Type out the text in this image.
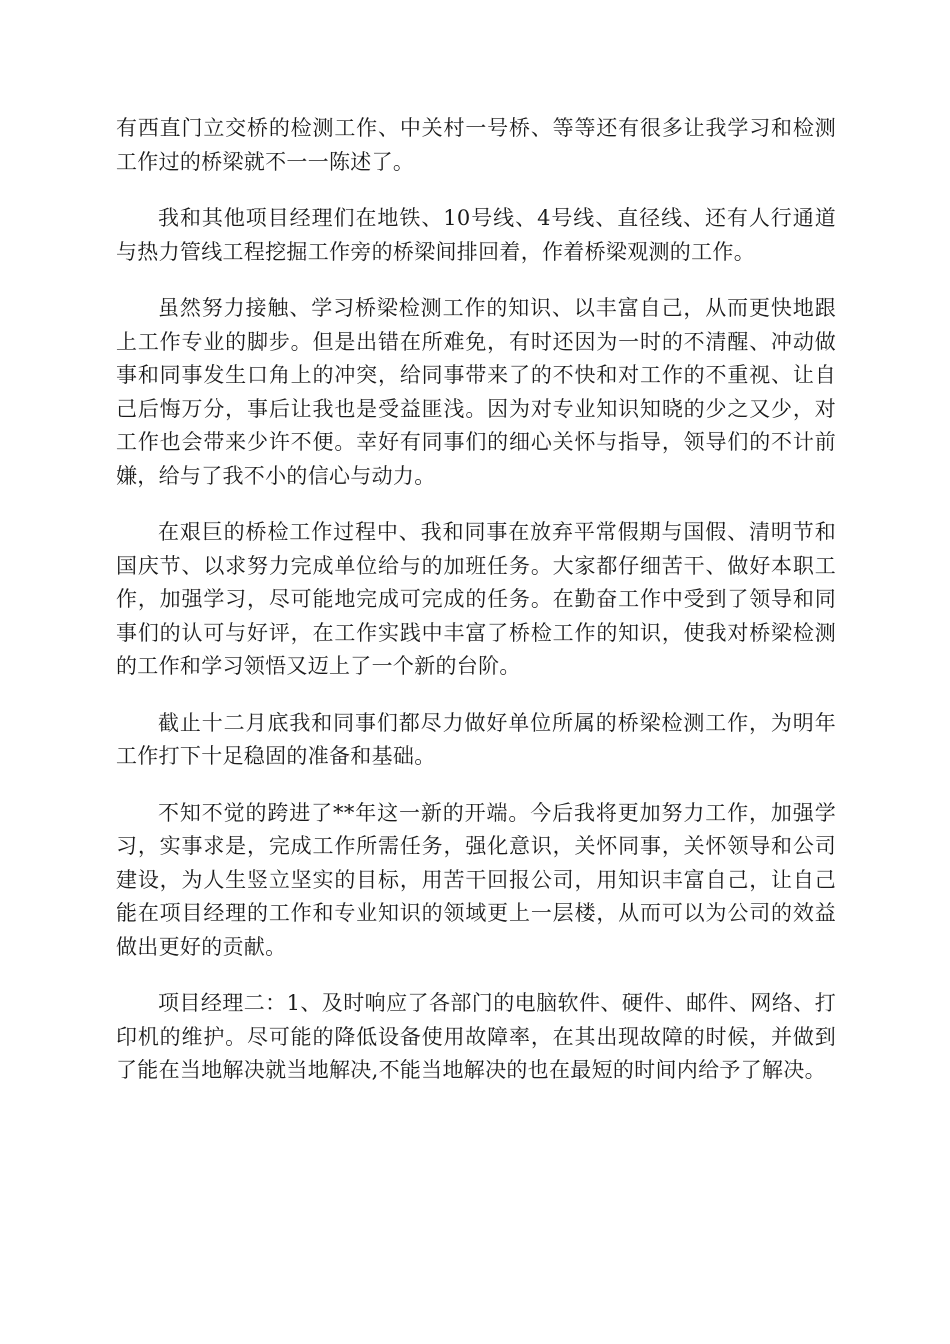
有西直门立交桥的检测工作、中关村一号桥、等等还有很多让我学习和检测工作过的桥梁就不一一陈述了。

我和其他项目经理们在地铁、10号线、4号线、直径线、还有人行通道与热力管线工程挖掘工作旁的桥梁间排回着，作着桥梁观测的工作。

虽然努力接触、学习桥梁检测工作的知识、以丰富自己，从而更快地跟上工作专业的脚步。但是出错在所难免，有时还因为一时的不清醒、冲动做事和同事发生口角上的冲突，给同事带来了的不快和对工作的不重视、让自己后悔万分，事后让我也是受益匪浅。因为对专业知识知晓的少之又少，对工作也会带来少许不便。幸好有同事们的细心关怀与指导，领导们的不计前嫌，给与了我不小的信心与动力。

在艰巨的桥检工作过程中、我和同事在放弃平常假期与国假、清明节和国庆节、以求努力完成单位给与的加班任务。大家都仔细苦干、做好本职工作，加强学习，尽可能地完成可完成的任务。在勤奋工作中受到了领导和同事们的认可与好评，在工作实践中丰富了桥检工作的知识，使我对桥梁检测的工作和学习领悟又迈上了一个新的台阶。

截止十二月底我和同事们都尽力做好单位所属的桥梁检测工作，为明年工作打下十足稳固的准备和基础。

不知不觉的跨进了**年这一新的开端。今后我将更加努力工作，加强学习，实事求是，完成工作所需任务，强化意识，关怀同事，关怀领导和公司建设，为人生竖立坚实的目标，用苦干回报公司，用知识丰富自己，让自己能在项目经理的工作和专业知识的领域更上一层楼，从而可以为公司的效益做出更好的贡献。

项目经理二：1、及时响应了各部门的电脑软件、硬件、邮件、网络、打印机的维护。尽可能的降低设备使用故障率，在其出现故障的时候，并做到了能在当地解决就当地解决,不能当地解决的也在最短的时间内给予了解决。
